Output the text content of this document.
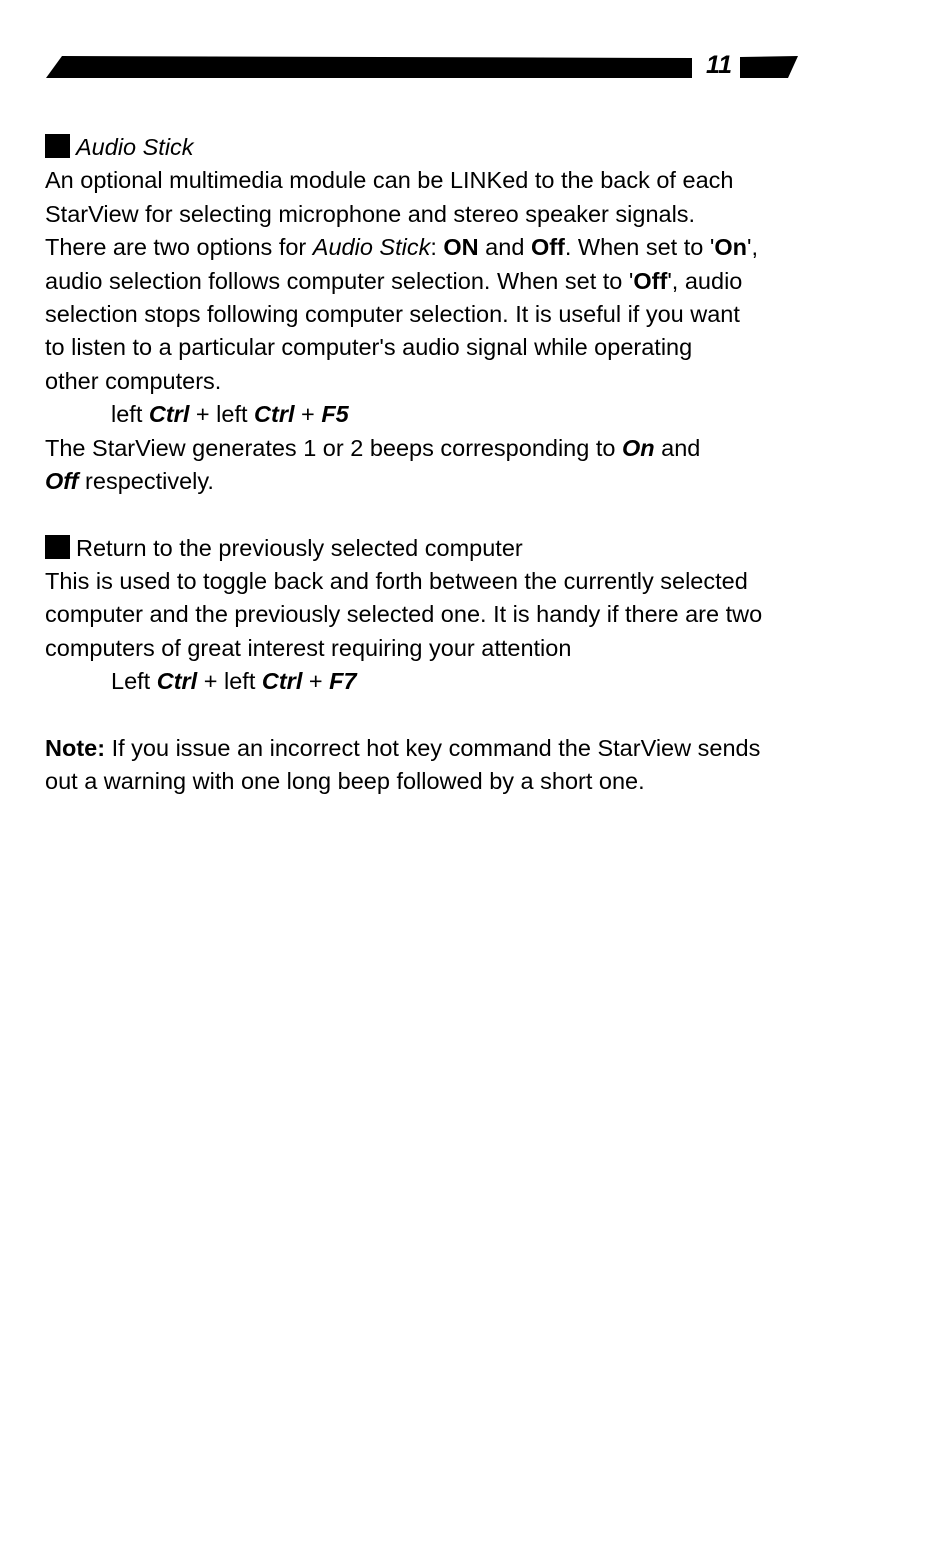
11
Audio Stick
An optional multimedia module can be LINKed to the back of each
StarView for selecting microphone and stereo speaker signals.
There are two options for Audio Stick: ON and Off. When set to 'On',
audio selection follows computer selection. When set to 'Off', audio
selection stops following computer selection. It is useful if you want
to listen to a particular computer's audio signal while operating
other computers.
left Ctrl + left Ctrl + F5
The StarView generates 1 or 2 beeps corresponding to On and
Off respectively.
Return to the previously selected computer
This is used to toggle back and forth between the currently selected
computer and the previously selected one. It is handy if there are two
computers of great interest requiring your attention
Left Ctrl + left Ctrl + F7
Note: If you issue an incorrect hot key command the StarView sends
out a warning with one long beep followed by a short one.
